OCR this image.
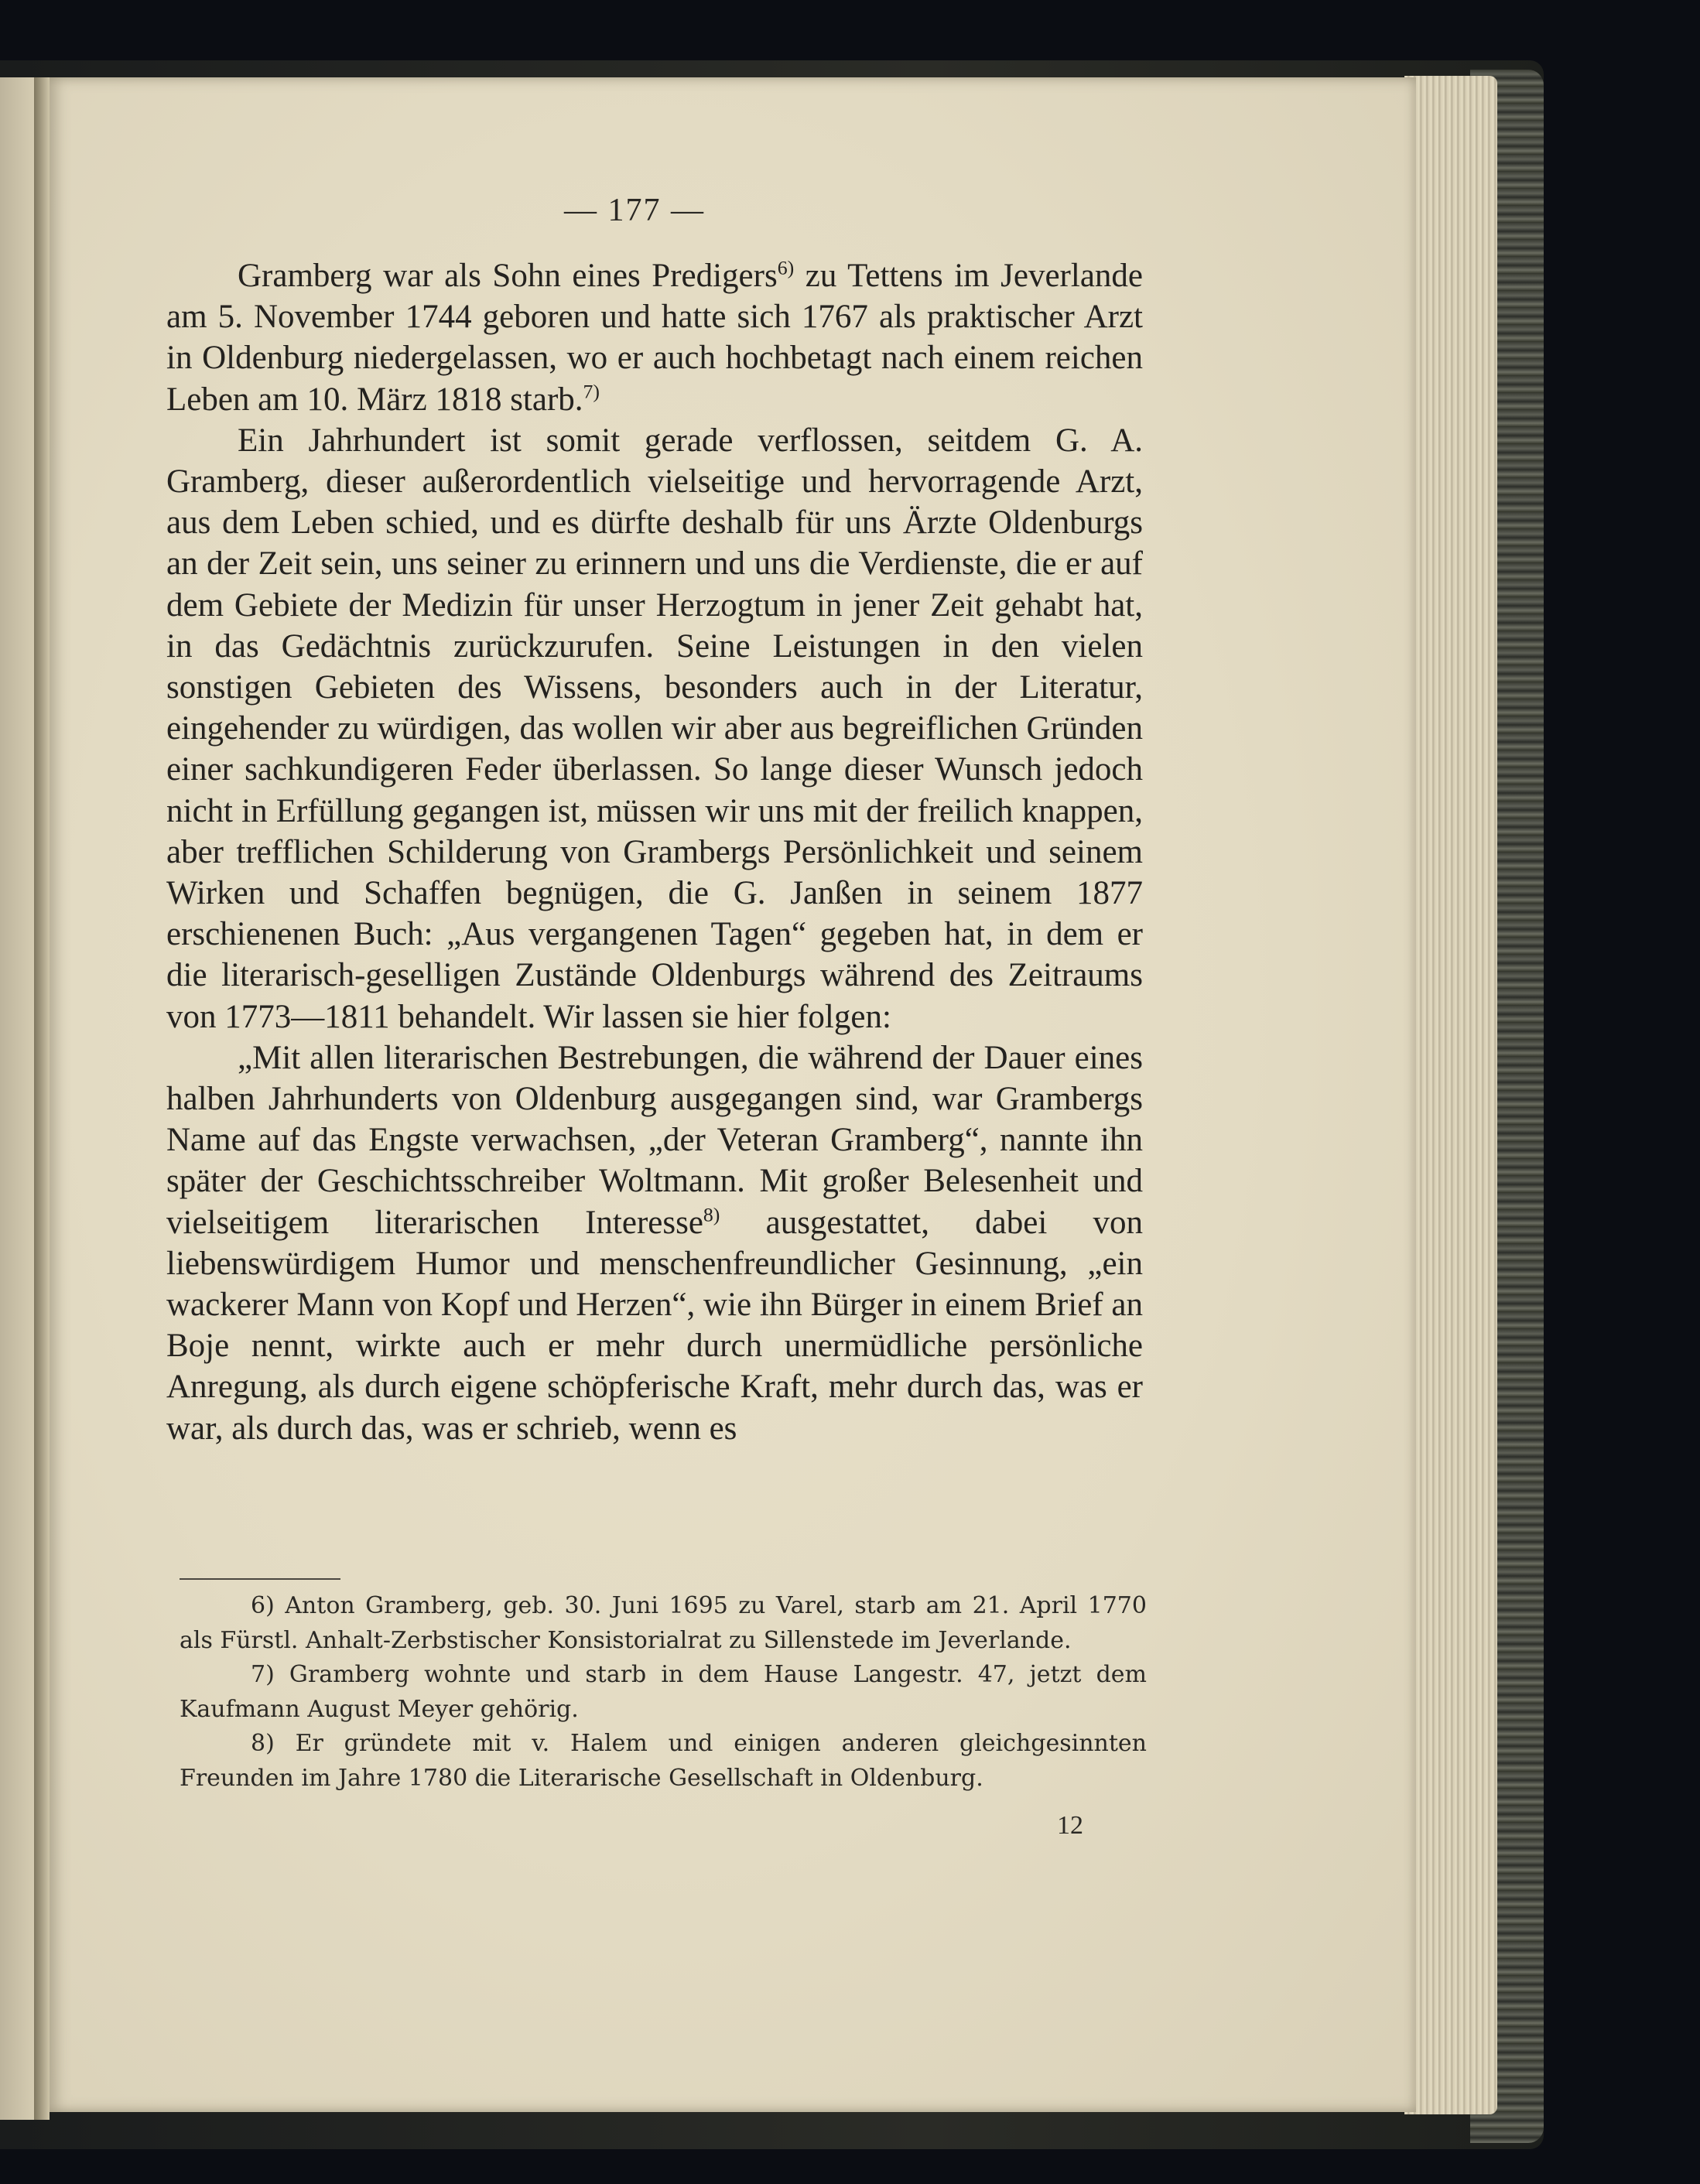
— 177 —

Gramberg war als Sohn eines Predigers$^{6)}$ zu Tettens im Jeverlande am 5. November 1744 geboren und hatte sich 1767 als praktischer Arzt in Oldenburg niedergelassen, wo er auch hochbetagt nach einem reichen Leben am 10. März 1818 starb.$^{7)}$

Ein Jahrhundert ist somit gerade verflossen, seitdem G. A. Gramberg, dieser außerordentlich vielseitige und hervorragende Arzt, aus dem Leben schied, und es dürfte deshalb für uns Ärzte Oldenburgs an der Zeit sein, uns seiner zu erinnern und uns die Verdienste, die er auf dem Gebiete der Medizin für unser Herzogtum in jener Zeit gehabt hat, in das Gedächtnis zurückzurufen. Seine Leistungen in den vielen sonstigen Gebieten des Wissens, besonders auch in der Literatur, eingehender zu würdigen, das wollen wir aber aus begreiflichen Gründen einer sachkundigeren Feder überlassen. So lange dieser Wunsch jedoch nicht in Erfüllung gegangen ist, müssen wir uns mit der freilich knappen, aber trefflichen Schilderung von Grambergs Persönlichkeit und seinem Wirken und Schaffen begnügen, die G. Janßen in seinem 1877 erschienenen Buch: „Aus vergangenen Tagen“ gegeben hat, in dem er die literarisch-geselligen Zustände Oldenburgs während des Zeitraums von 1773—1811 behandelt. Wir lassen sie hier folgen:

„Mit allen literarischen Bestrebungen, die während der Dauer eines halben Jahrhunderts von Oldenburg ausgegangen sind, war Grambergs Name auf das Engste verwachsen, „der Veteran Gramberg“, nannte ihn später der Geschichtsschreiber Woltmann. Mit großer Belesenheit und vielseitigem literarischen Interesse$^{8)}$ ausgestattet, dabei von liebenswürdigem Humor und menschenfreundlicher Gesinnung, „ein wackerer Mann von Kopf und Herzen“, wie ihn Bürger in einem Brief an Boje nennt, wirkte auch er mehr durch unermüdliche persönliche Anregung, als durch eigene schöpferische Kraft, mehr durch das, was er war, als durch das, was er schrieb, wenn es

6) Anton Gramberg, geb. 30. Juni 1695 zu Varel, starb am 21. April 1770 als Fürstl. Anhalt-Zerbstischer Konsistorialrat zu Sillenstede im Jeverlande.

7) Gramberg wohnte und starb in dem Hause Langestr. 47, jetzt dem Kaufmann August Meyer gehörig.

8) Er gründete mit v. Halem und einigen anderen gleichgesinnten Freunden im Jahre 1780 die Literarische Gesellschaft in Oldenburg.

12
